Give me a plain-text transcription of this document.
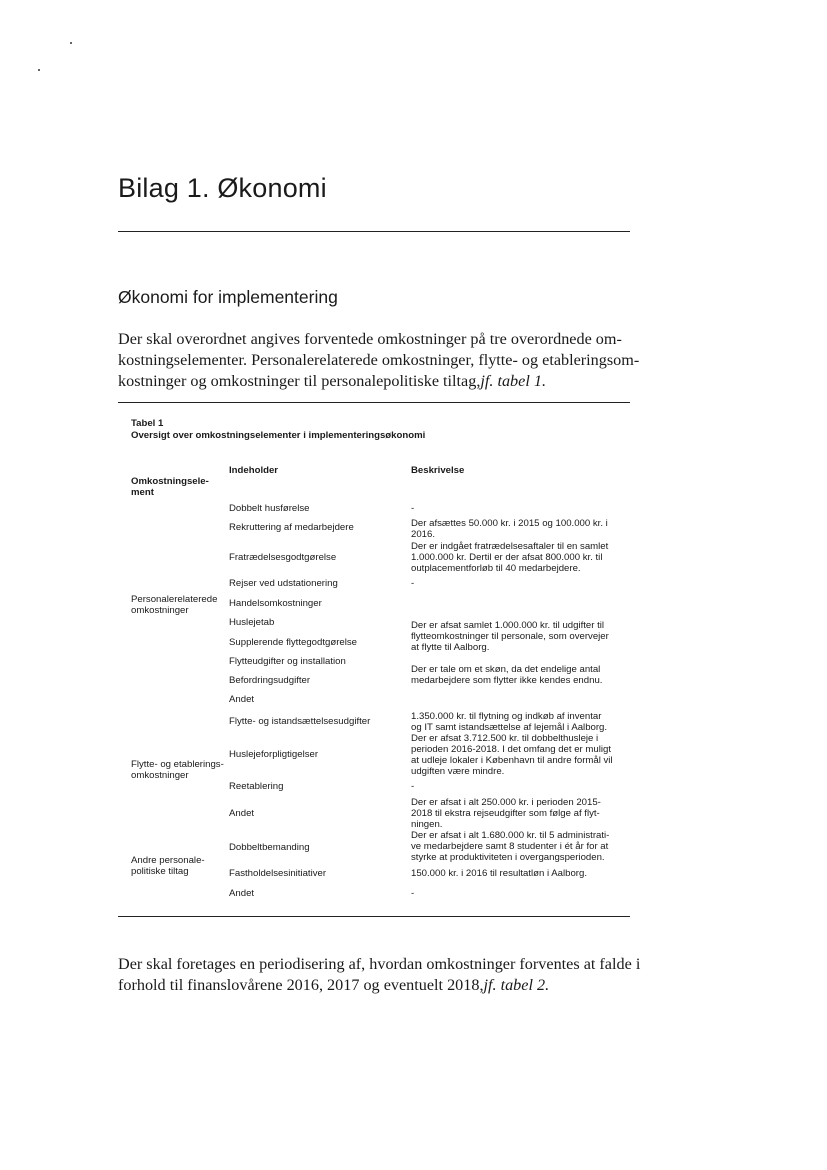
Bilag 1. Økonomi
Økonomi for implementering
Der skal overordnet angives forventede omkostninger på tre overordnede om-
kostningselementer. Personalerelaterede omkostninger, flytte- og etableringsom-
kostninger og omkostninger til personalepolitiske tiltag,jf. tabel 1.
Tabel 1
Oversigt over omkostningselementer i implementeringsøkonomi
Omkostningsele-
ment
Indeholder	Beskrivelse
Personalerelaterede
omkostninger
Flytte- og etablerings-
omkostninger
Andre personale-
politiske tiltag
Dobbelt husførelse
Rekruttering af medarbejdere
Fratrædelsesgodtgørelse
Rejser ved udstationering
Handelsomkostninger
Huslejetab
Supplerende flyttegodtgørelse
Flytteudgifter og installation
Befordringsudgifter
Andet
Flytte- og istandsættelsesudgifter
Huslejeforpligtigelser
Reetablering
Andet
Dobbeltbemanding
Fastholdelsesinitiativer
Andet
-
Der afsættes 50.000 kr. i 2015 og 100.000 kr. i
2016.
Der er indgået fratrædelsesaftaler til en samlet
1.000.000 kr. Dertil er der afsat 800.000 kr. til
outplacementforløb til 40 medarbejdere.
-
Der er afsat samlet 1.000.000 kr. til udgifter til
flytteomkostninger til personale, som overvejer
at flytte til Aalborg.
Der er tale om et skøn, da det endelige antal
medarbejdere som flytter ikke kendes endnu.
1.350.000 kr. til flytning og indkøb af inventar
og IT samt istandsættelse af lejemål i Aalborg.
Der er afsat 3.712.500 kr. til dobbelthusleje i
perioden 2016-2018. I det omfang det er muligt
at udleje lokaler i København til andre formål vil
udgiften være mindre.
-
Der er afsat i alt 250.000 kr. i perioden 2015-
2018 til ekstra rejseudgifter som følge af flyt-
ningen.
Der er afsat i alt 1.680.000 kr. til 5 administrati-
ve medarbejdere samt 8 studenter i ét år for at
styrke at produktiviteten i overgangsperioden.
150.000 kr. i 2016 til resultatløn i Aalborg.
-
Der skal foretages en periodisering af, hvordan omkostninger forventes at falde i
forhold til finanslovårene 2016, 2017 og eventuelt 2018,jf. tabel 2.
